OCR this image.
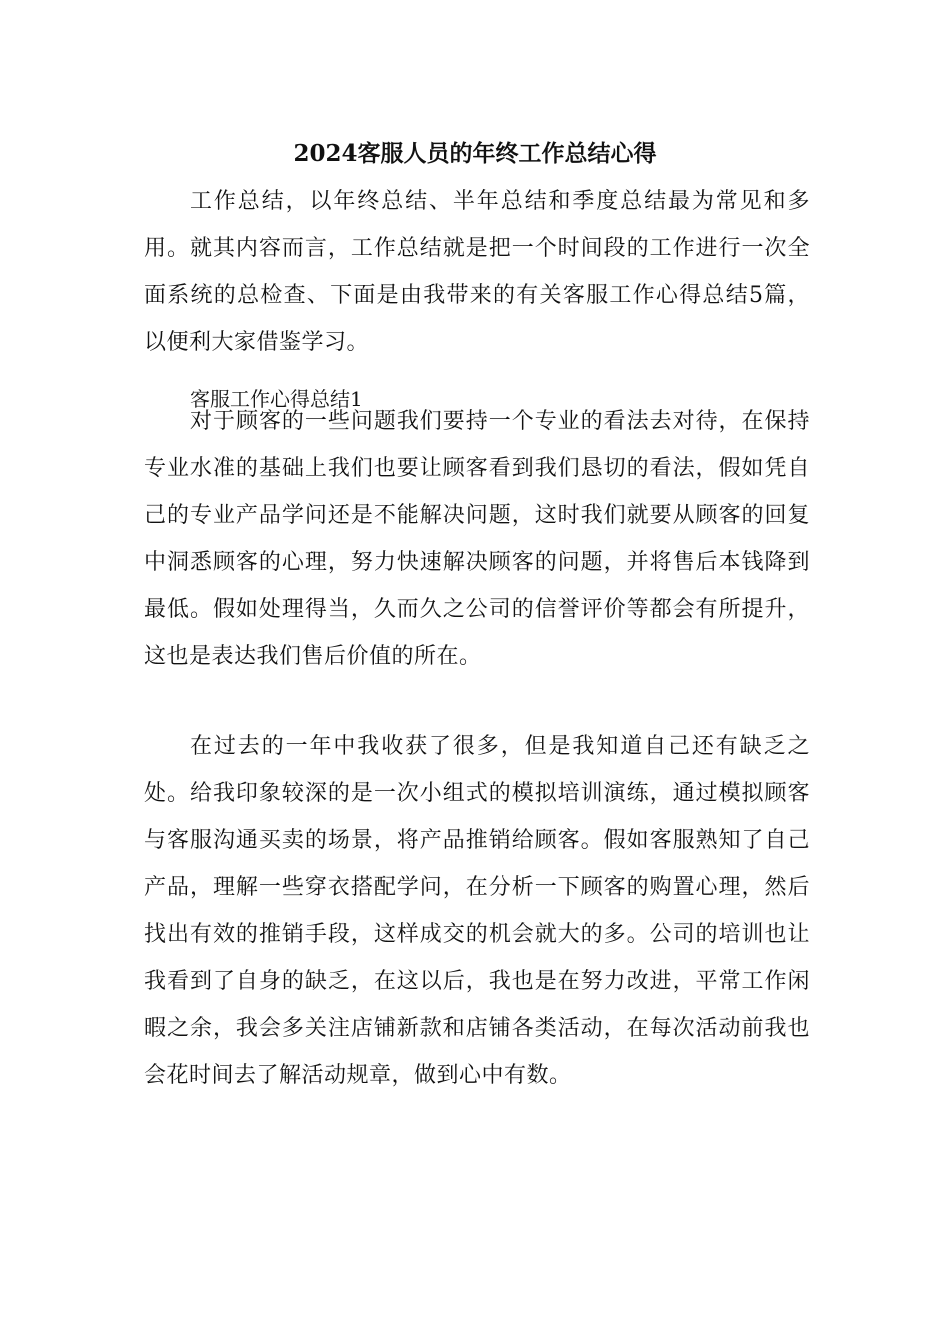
2024客服人员的年终工作总结心得

工作总结，以年终总结、半年总结和季度总结最为常见和多用。就其内容而言，工作总结就是把一个时间段的工作进行一次全面系统的总检查、下面是由我带来的有关客服工作心得总结5篇，以便利大家借鉴学习。

客服工作心得总结1

对于顾客的一些问题我们要持一个专业的看法去对待，在保持专业水准的基础上我们也要让顾客看到我们恳切的看法，假如凭自己的专业产品学问还是不能解决问题，这时我们就要从顾客的回复中洞悉顾客的心理，努力快速解决顾客的问题，并将售后本钱降到最低。假如处理得当，久而久之公司的信誉评价等都会有所提升，这也是表达我们售后价值的所在。

在过去的一年中我收获了很多，但是我知道自己还有缺乏之处。给我印象较深的是一次小组式的模拟培训演练，通过模拟顾客与客服沟通买卖的场景，将产品推销给顾客。假如客服熟知了自己产品，理解一些穿衣搭配学问，在分析一下顾客的购置心理，然后找出有效的推销手段，这样成交的机会就大的多。公司的培训也让我看到了自身的缺乏，在这以后，我也是在努力改进，平常工作闲暇之余，我会多关注店铺新款和店铺各类活动，在每次活动前我也会花时间去了解活动规章，做到心中有数。
